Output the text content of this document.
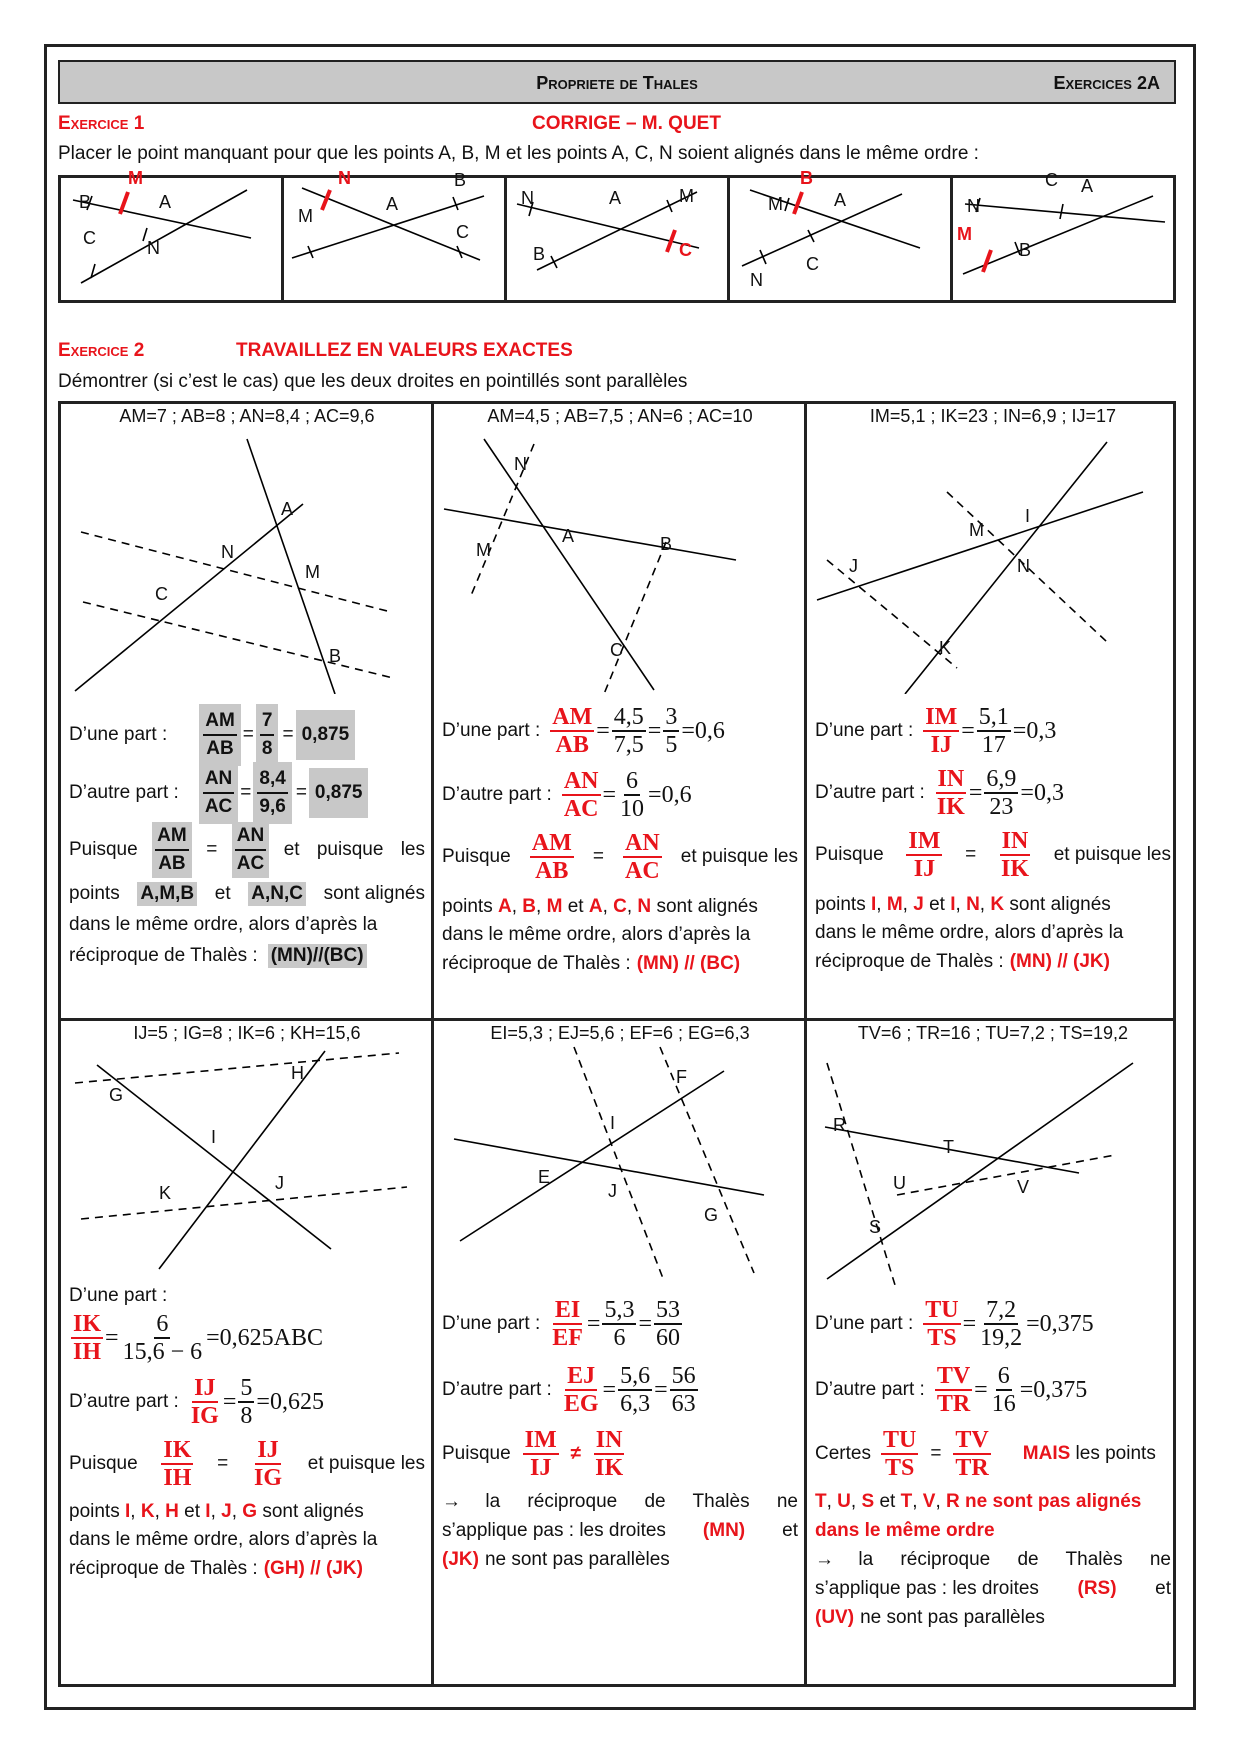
Propriete de Thales	Exercices 2A
Exercice 1	CORRIGE – M. QUET
Placer le point manquant pour que les points A, B, M et les points A, C, N soient alignés dans le même ordre :
M
B	A
C	N
N	B
M
A
C
N	A	M
B	C
B
M	A
N
C
C A
N
M
B
Exercice 2	TRAVAILLEZ EN VALEURS EXACTES
Démontrer (si c’est le cas) que les deux droites en pointillés sont parallèles
AM=7 ; AB=8 ; AN=8,4 ; AC=9,6
A
N
M
C
B
D’une part : $\frac{AM}{AB} = \frac{7}{8} = 0,875$
D’autre part : $\frac{AN}{AC} = \frac{8,4}{9,6} = 0,875$
Puisque $\frac{AM}{AB} = \frac{AN}{AC}$ et puisque les
points A,M,B et A,N,C sont alignés
dans le même ordre, alors d’après la
réciproque de Thalès : (MN)//(BC)
AM=4,5 ; AB=7,5 ; AN=6 ; AC=10
N
A
M	B
C
D’une part : $\frac{AM}{AB} = \frac{4,5}{7,5} = \frac{3}{5} = 0,6$
D’autre part : $\frac{AN}{AC} = \frac{6}{10} = 0,6$
Puisque $\frac{AM}{AB} = \frac{AN}{AC}$ et puisque les
points
A , B , M
et
A , C , N
sont alignés
dans le même ordre, alors d’après la
réciproque de Thalès : (MN) // (BC)
IM=5,1 ; IK=23 ; IN=6,9 ; IJ=17
M
I
J	N
K
D’une part : $\frac{IM}{IJ} = \frac{5,1}{17} = 0,3$
D’autre part : $\frac{IN}{IK} = \frac{6,9}{23} = 0,3$
Puisque $\frac{IM}{IJ} = \frac{IN}{IK}$ et puisque les
points
I , M , J
et
I , N , K
sont alignés
dans le même ordre, alors d’après la
réciproque de Thalès : (MN) // (JK)
IJ=5 ; IG=8 ; IK=6 ; KH=15,6
G
H
I
K	J
D’une part :
$\frac{IK}{IH} = \frac{6}{15,6 - 6} = 0,625ABC$
D’autre part : $\frac{IJ}{IG} = \frac{5}{8} = 0,625$
Puisque $\frac{IK}{IH} = \frac{IJ}{IG}$ et puisque les
points
I , K , H
et
I , J , G
sont alignés
dans le même ordre, alors d’après la
réciproque de Thalès : (GH) // (JK)
EI=5,3 ; EJ=5,6 ; EF=6 ; EG=6,3
F
I
E
J
G
D’une part : $\frac{EI}{EF} = \frac{5,3}{6} = \frac{53}{60}$
D’autre part : $\frac{EJ}{EG} = \frac{5,6}{6,3} = \frac{56}{63}$
Puisque $\frac{IM}{IJ} \ne \frac{IN}{IK}$
→ la réciproque de Thalès ne
s’applique pas : les droites (MN) et
(JK) ne sont pas parallèles
TV=6 ; TR=16 ; TU=7,2 ; TS=19,2
R
T
U	V
S
D’une part : $\frac{TU}{TS} = \frac{7,2}{19,2} = 0,375$
D’autre part : $\frac{TV}{TR} = \frac{6}{16} = 0,375$
Certes $\frac{TU}{TS} = \frac{TV}{TR}$ MAIS
les points
T , U , S
et
T , V , R
ne sont pas alignés
dans le même ordre
→ la réciproque de Thalès ne
s’applique pas : les droites (RS) et
(UV) ne sont pas parallèles
